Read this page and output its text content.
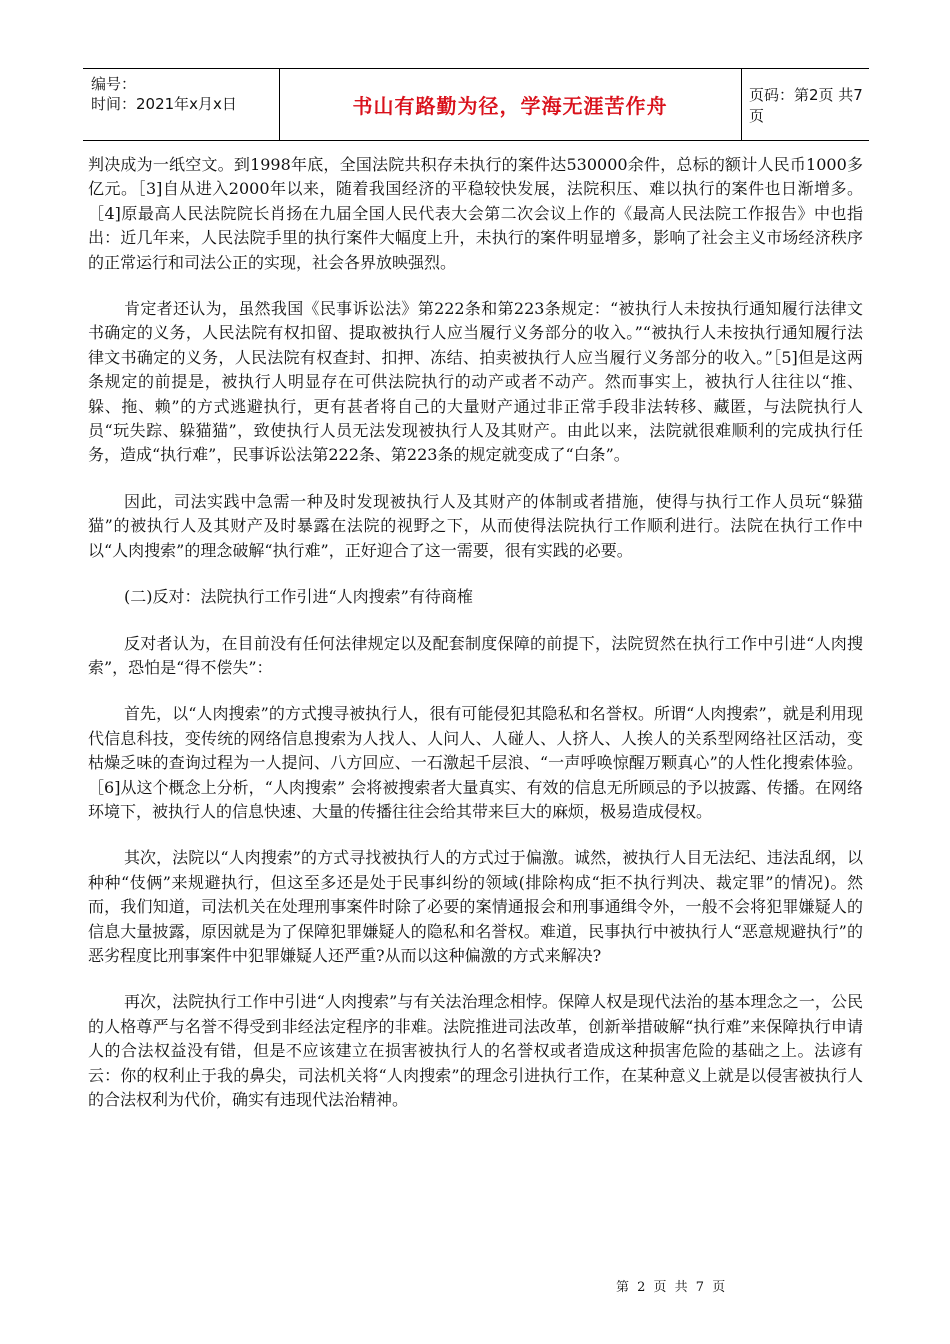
编号：
时间：2021年x月x日	书山有路勤为径，学海无涯苦作舟	页码：第2页 共7页

判决成为一纸空文。到1998年底，全国法院共积存未执行的案件达530000余件，总标的额计人民币1000多亿元。［3]自从进入2000年以来，随着我国经济的平稳较快发展，法院积压、难以执行的案件也日渐增多。［4]原最高人民法院院长肖扬在九届全国人民代表大会第二次会议上作的《最高人民法院工作报告》中也指出：近几年来，人民法院手里的执行案件大幅度上升，未执行的案件明显增多，影响了社会主义市场经济秩序的正常运行和司法公正的实现，社会各界放映强烈。

肯定者还认为，虽然我国《民事诉讼法》第222条和第223条规定：“被执行人未按执行通知履行法律文书确定的义务，人民法院有权扣留、提取被执行人应当履行义务部分的收入。”“被执行人未按执行通知履行法律文书确定的义务，人民法院有权查封、扣押、冻结、拍卖被执行人应当履行义务部分的收入。”［5]但是这两条规定的前提是，被执行人明显存在可供法院执行的动产或者不动产。然而事实上，被执行人往往以“推、躲、拖、赖”的方式逃避执行，更有甚者将自己的大量财产通过非正常手段非法转移、藏匿，与法院执行人员“玩失踪、躲猫猫”，致使执行人员无法发现被执行人及其财产。由此以来，法院就很难顺利的完成执行任务，造成“执行难”，民事诉讼法第222条、第223条的规定就变成了“白条”。

因此，司法实践中急需一种及时发现被执行人及其财产的体制或者措施，使得与执行工作人员玩“躲猫猫”的被执行人及其财产及时暴露在法院的视野之下，从而使得法院执行工作顺利进行。法院在执行工作中以“人肉搜索”的理念破解“执行难”，正好迎合了这一需要，很有实践的必要。

(二)反对：法院执行工作引进“人肉搜索”有待商榷

反对者认为，在目前没有任何法律规定以及配套制度保障的前提下，法院贸然在执行工作中引进“人肉搜索”，恐怕是“得不偿失”：

首先，以“人肉搜索”的方式搜寻被执行人，很有可能侵犯其隐私和名誉权。所谓“人肉搜索”，就是利用现代信息科技，变传统的网络信息搜索为人找人、人问人、人碰人、人挤人、人挨人的关系型网络社区活动，变枯燥乏味的查询过程为一人提问、八方回应、一石激起千层浪、“一声呼唤惊醒万颗真心”的人性化搜索体验。［6]从这个概念上分析，“人肉搜索” 会将被搜索者大量真实、有效的信息无所顾忌的予以披露、传播。在网络环境下，被执行人的信息快速、大量的传播往往会给其带来巨大的麻烦，极易造成侵权。

其次，法院以“人肉搜索”的方式寻找被执行人的方式过于偏激。诚然，被执行人目无法纪、违法乱纲，以种种“伎俩”来规避执行，但这至多还是处于民事纠纷的领域(排除构成“拒不执行判决、裁定罪”的情况)。然而，我们知道，司法机关在处理刑事案件时除了必要的案情通报会和刑事通缉令外，一般不会将犯罪嫌疑人的信息大量披露，原因就是为了保障犯罪嫌疑人的隐私和名誉权。难道，民事执行中被执行人“恶意规避执行”的恶劣程度比刑事案件中犯罪嫌疑人还严重?从而以这种偏激的方式来解决?

再次，法院执行工作中引进“人肉搜索”与有关法治理念相悖。保障人权是现代法治的基本理念之一，公民的人格尊严与名誉不得受到非经法定程序的非难。法院推进司法改革，创新举措破解“执行难”来保障执行申请人的合法权益没有错，但是不应该建立在损害被执行人的名誉权或者造成这种损害危险的基础之上。法谚有云：你的权利止于我的鼻尖，司法机关将“人肉搜索”的理念引进执行工作，在某种意义上就是以侵害被执行人的合法权利为代价，确实有违现代法治精神。

第 2 页 共 7 页
